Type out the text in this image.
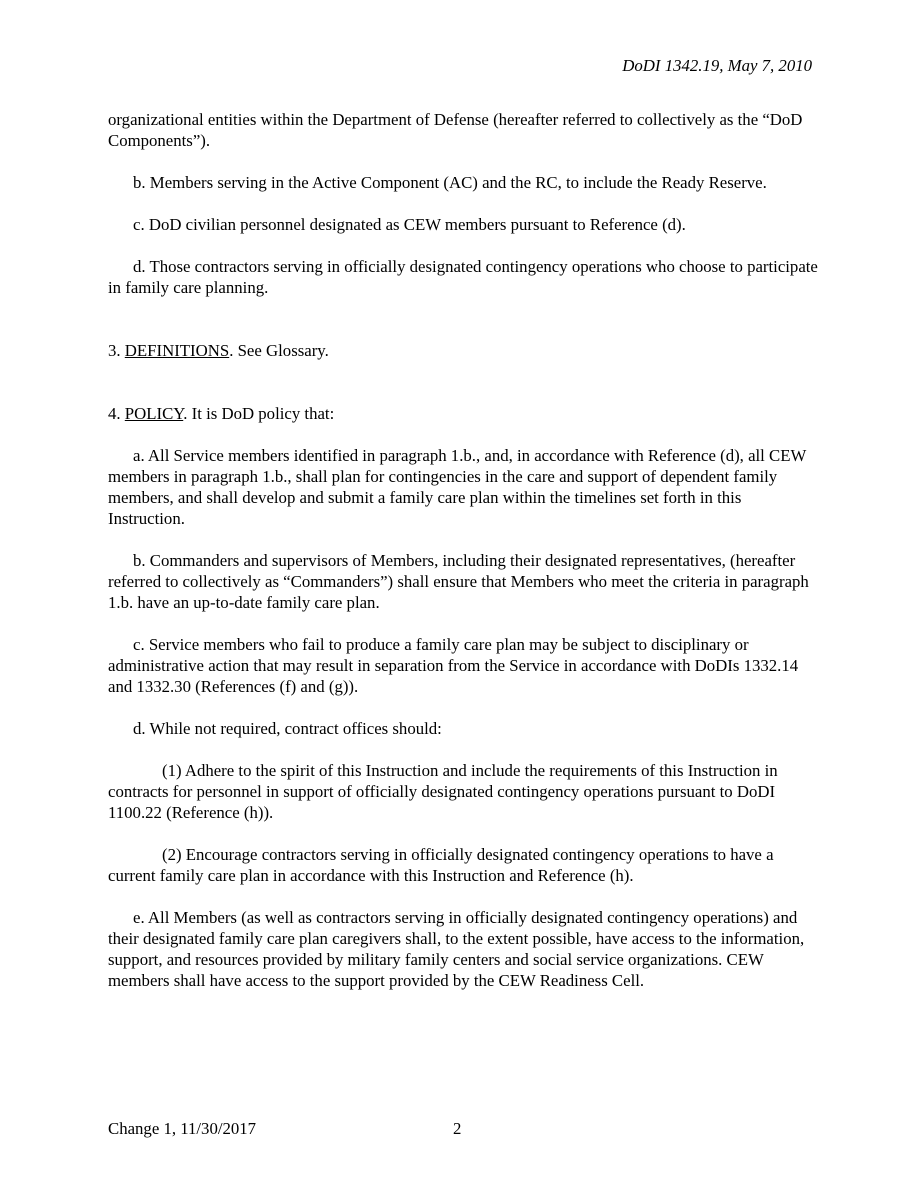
DoDI 1342.19, May 7, 2010

organizational entities within the Department of Defense (hereafter referred to collectively as the “DoD Components”).

b. Members serving in the Active Component (AC) and the RC, to include the Ready Reserve.

c. DoD civilian personnel designated as CEW members pursuant to Reference (d).

d. Those contractors serving in officially designated contingency operations who choose to participate in family care planning.

3. DEFINITIONS. See Glossary.

4. POLICY. It is DoD policy that:

a. All Service members identified in paragraph 1.b., and, in accordance with Reference (d), all CEW members in paragraph 1.b., shall plan for contingencies in the care and support of dependent family members, and shall develop and submit a family care plan within the timelines set forth in this Instruction.

b. Commanders and supervisors of Members, including their designated representatives, (hereafter referred to collectively as “Commanders”) shall ensure that Members who meet the criteria in paragraph 1.b. have an up-to-date family care plan.

c. Service members who fail to produce a family care plan may be subject to disciplinary or administrative action that may result in separation from the Service in accordance with DoDIs 1332.14 and 1332.30 (References (f) and (g)).

d. While not required, contract offices should:

(1) Adhere to the spirit of this Instruction and include the requirements of this Instruction in contracts for personnel in support of officially designated contingency operations pursuant to DoDI 1100.22 (Reference (h)).

(2) Encourage contractors serving in officially designated contingency operations to have a current family care plan in accordance with this Instruction and Reference (h).

e. All Members (as well as contractors serving in officially designated contingency operations) and their designated family care plan caregivers shall, to the extent possible, have access to the information, support, and resources provided by military family centers and social service organizations. CEW members shall have access to the support provided by the CEW Readiness Cell.

Change 1, 11/30/2017	2
